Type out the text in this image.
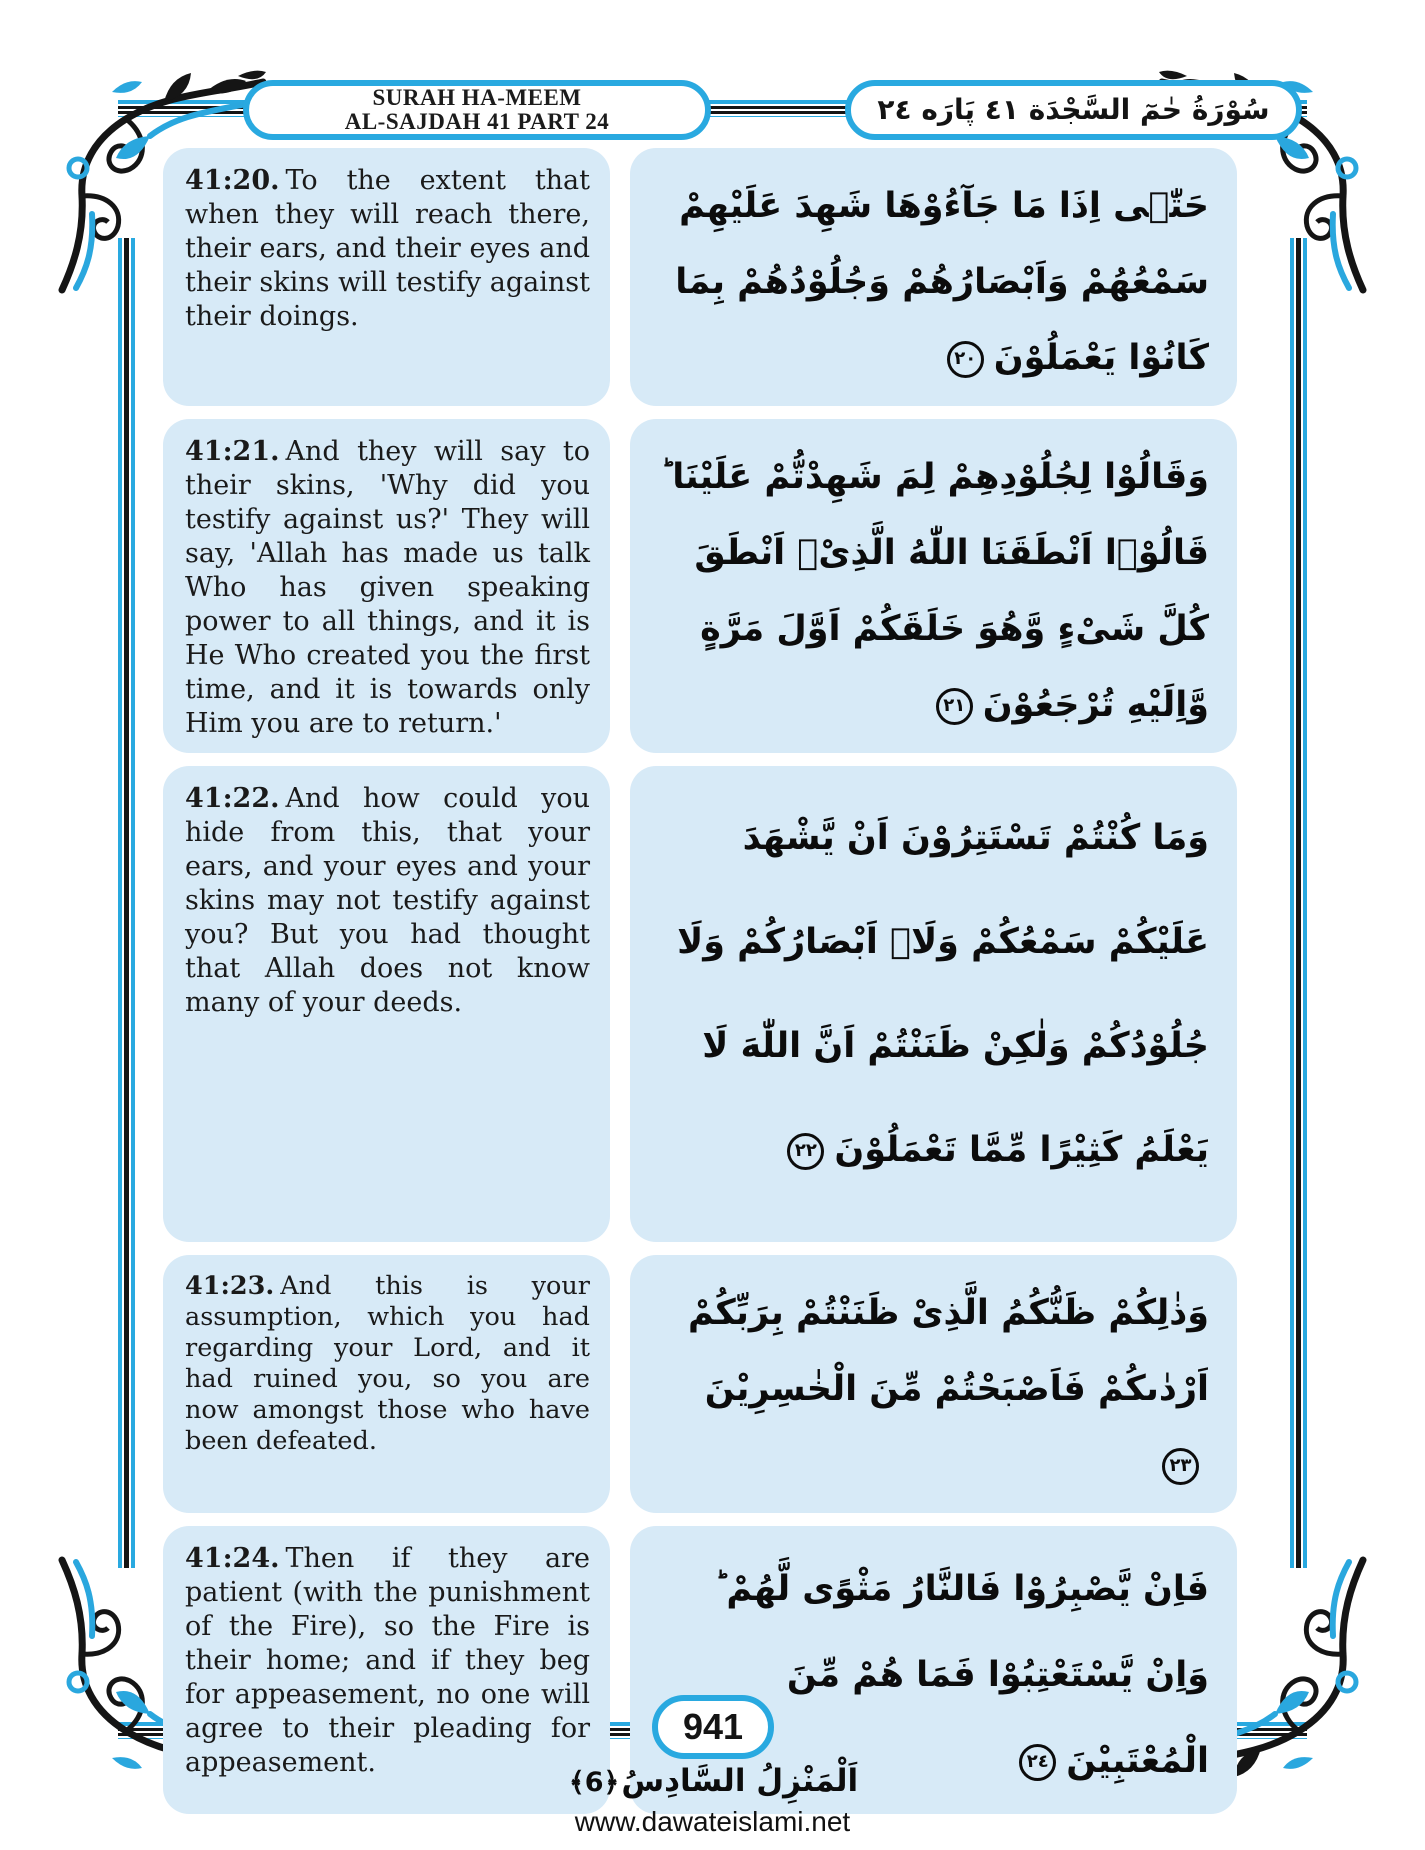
SURAH HA-MEEM
AL-SAJDAH 41 PART 24	سُوْرَةُ حٰمٓ السَّجْدَة ٤١ پَارَه ٢٤

41:20. To the extent that when they will reach there, their ears, and their eyes and their skins will testify against their doings.

حَتّٰۤى اِذَا مَا جَآءُوْهَا شَهِدَ عَلَيْهِمْ سَمْعُهُمْ وَاَبْصَارُهُمْ وَجُلُوْدُهُمْ بِمَا كَانُوْا يَعْمَلُوْنَ٢٠

41:21. And they will say to their skins, 'Why did you testify against us?' They will say, 'Allah has made us talk Who has given speaking power to all things, and it is He Who created you the first time, and it is towards only Him you are to return.'

وَقَالُوْا لِجُلُوْدِهِمْ لِمَ شَهِدْتُّمْ عَلَيْنَا ؕ قَالُوْۤا اَنْطَقَنَا اللّٰهُ الَّذِىْۤ اَنْطَقَ كُلَّ شَىْءٍ وَّهُوَ خَلَقَكُمْ اَوَّلَ مَرَّةٍ وَّاِلَيْهِ تُرْجَعُوْنَ٢١

41:22. And how could you hide from this, that your ears, and your eyes and your skins may not testify against you? But you had thought that Allah does not know many of your deeds.

وَمَا كُنْتُمْ تَسْتَتِرُوْنَ اَنْ يَّشْهَدَ عَلَيْكُمْ سَمْعُكُمْ وَلَاۤ اَبْصَارُكُمْ وَلَا جُلُوْدُكُمْ وَلٰكِنْ ظَنَنْتُمْ اَنَّ اللّٰهَ لَا يَعْلَمُ كَثِيْرًا مِّمَّا تَعْمَلُوْنَ٢٢

41:23. And this is your assumption, which you had regarding your Lord, and it had ruined you, so you are now amongst those who have been defeated.

وَذٰلِكُمْ ظَنُّكُمُ الَّذِىْ ظَنَنْتُمْ بِرَبِّكُمْ اَرْدٰىكُمْ فَاَصْبَحْتُمْ مِّنَ الْخٰسِرِيْنَ٢٣

41:24. Then if they are patient (with the punishment of the Fire), so the Fire is their home; and if they beg for appeasement, no one will agree to their pleading for appeasement.

فَاِنْ يَّصْبِرُوْا فَالنَّارُ مَثْوًى لَّهُمْ ؕ وَاِنْ يَّسْتَعْتِبُوْا فَمَا هُمْ مِّنَ الْمُعْتَبِيْنَ٢٤

941
اَلْمَنْزِلُ السَّادِسُ﴿6﴾
www.dawateislami.net
